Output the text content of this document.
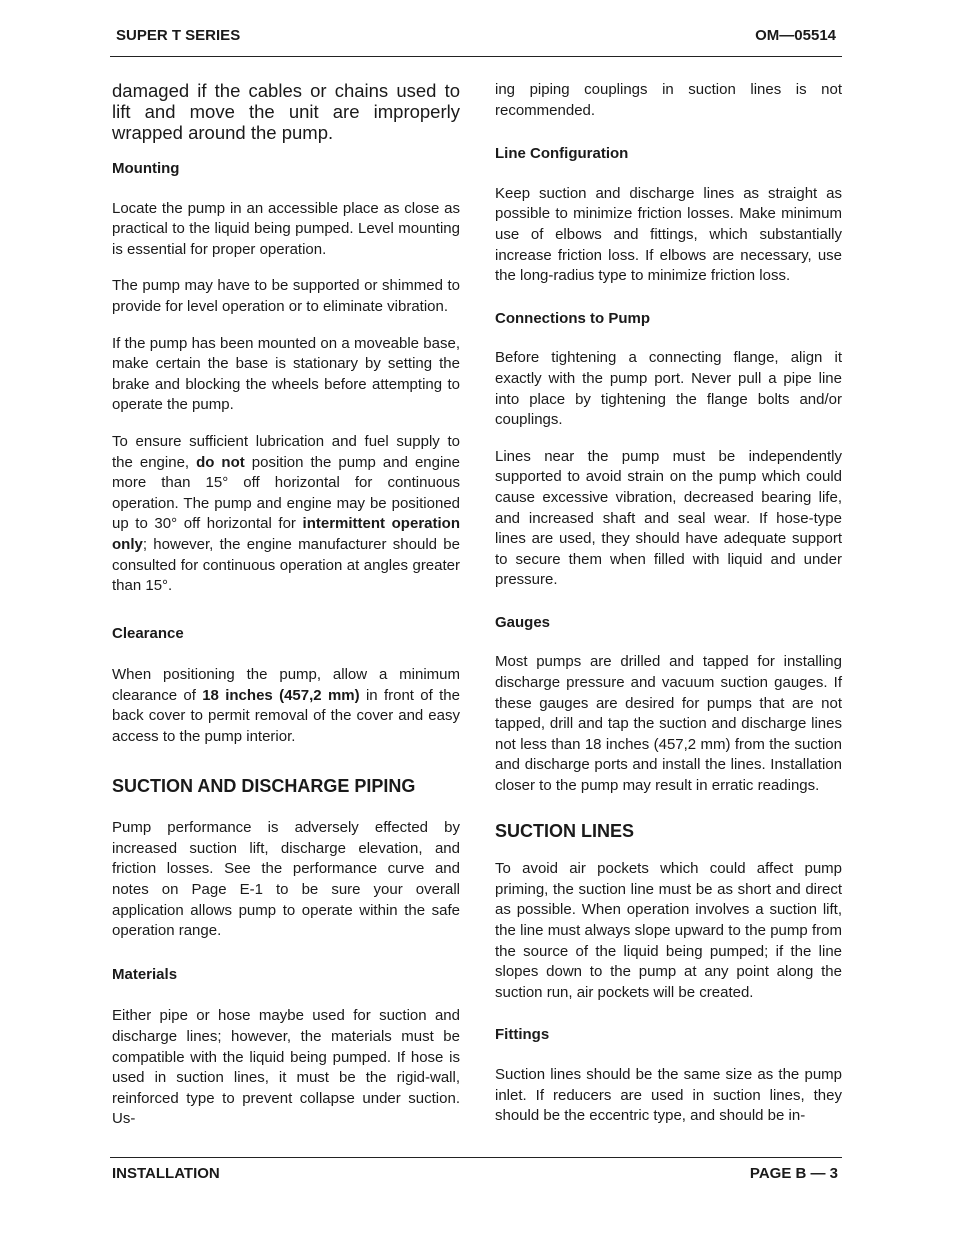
SUPER T SERIES	OM—05514

damaged if the cables or chains used to lift and move the unit are improperly wrapped around the pump.

Mounting

Locate the pump in an accessible place as close as practical to the liquid being pumped. Level mounting is essential for proper operation.

The pump may have to be supported or shimmed to provide for level operation or to eliminate vibration.

If the pump has been mounted on a moveable base, make certain the base is stationary by setting the brake and blocking the wheels before attempting to operate the pump.

To ensure sufficient lubrication and fuel supply to the engine, do not position the pump and engine more than 15° off horizontal for continuous operation. The pump and engine may be positioned up to 30° off horizontal for intermittent operation only; however, the engine manufacturer should be consulted for continuous operation at angles greater than 15°.

Clearance

When positioning the pump, allow a minimum clearance of 18 inches (457,2 mm) in front of the back cover to permit removal of the cover and easy access to the pump interior.

SUCTION AND DISCHARGE PIPING

Pump performance is adversely effected by increased suction lift, discharge elevation, and friction losses. See the performance curve and notes on Page E-1 to be sure your overall application allows pump to operate within the safe operation range.

Materials

Either pipe or hose maybe used for suction and discharge lines; however, the materials must be compatible with the liquid being pumped. If hose is used in suction lines, it must be the rigid-wall, reinforced type to prevent collapse under suction. Us-

ing piping couplings in suction lines is not recommended.

Line Configuration

Keep suction and discharge lines as straight as possible to minimize friction losses. Make minimum use of elbows and fittings, which substantially increase friction loss. If elbows are necessary, use the long-radius type to minimize friction loss.

Connections to Pump

Before tightening a connecting flange, align it exactly with the pump port. Never pull a pipe line into place by tightening the flange bolts and/or couplings.

Lines near the pump must be independently supported to avoid strain on the pump which could cause excessive vibration, decreased bearing life, and increased shaft and seal wear. If hose-type lines are used, they should have adequate support to secure them when filled with liquid and under pressure.

Gauges

Most pumps are drilled and tapped for installing discharge pressure and vacuum suction gauges. If these gauges are desired for pumps that are not tapped, drill and tap the suction and discharge lines not less than 18 inches (457,2 mm) from the suction and discharge ports and install the lines. Installation closer to the pump may result in erratic readings.

SUCTION LINES

To avoid air pockets which could affect pump priming, the suction line must be as short and direct as possible. When operation involves a suction lift, the line must always slope upward to the pump from the source of the liquid being pumped; if the line slopes down to the pump at any point along the suction run, air pockets will be created.

Fittings

Suction lines should be the same size as the pump inlet. If reducers are used in suction lines, they should be the eccentric type, and should be in-

INSTALLATION	PAGE B — 3
